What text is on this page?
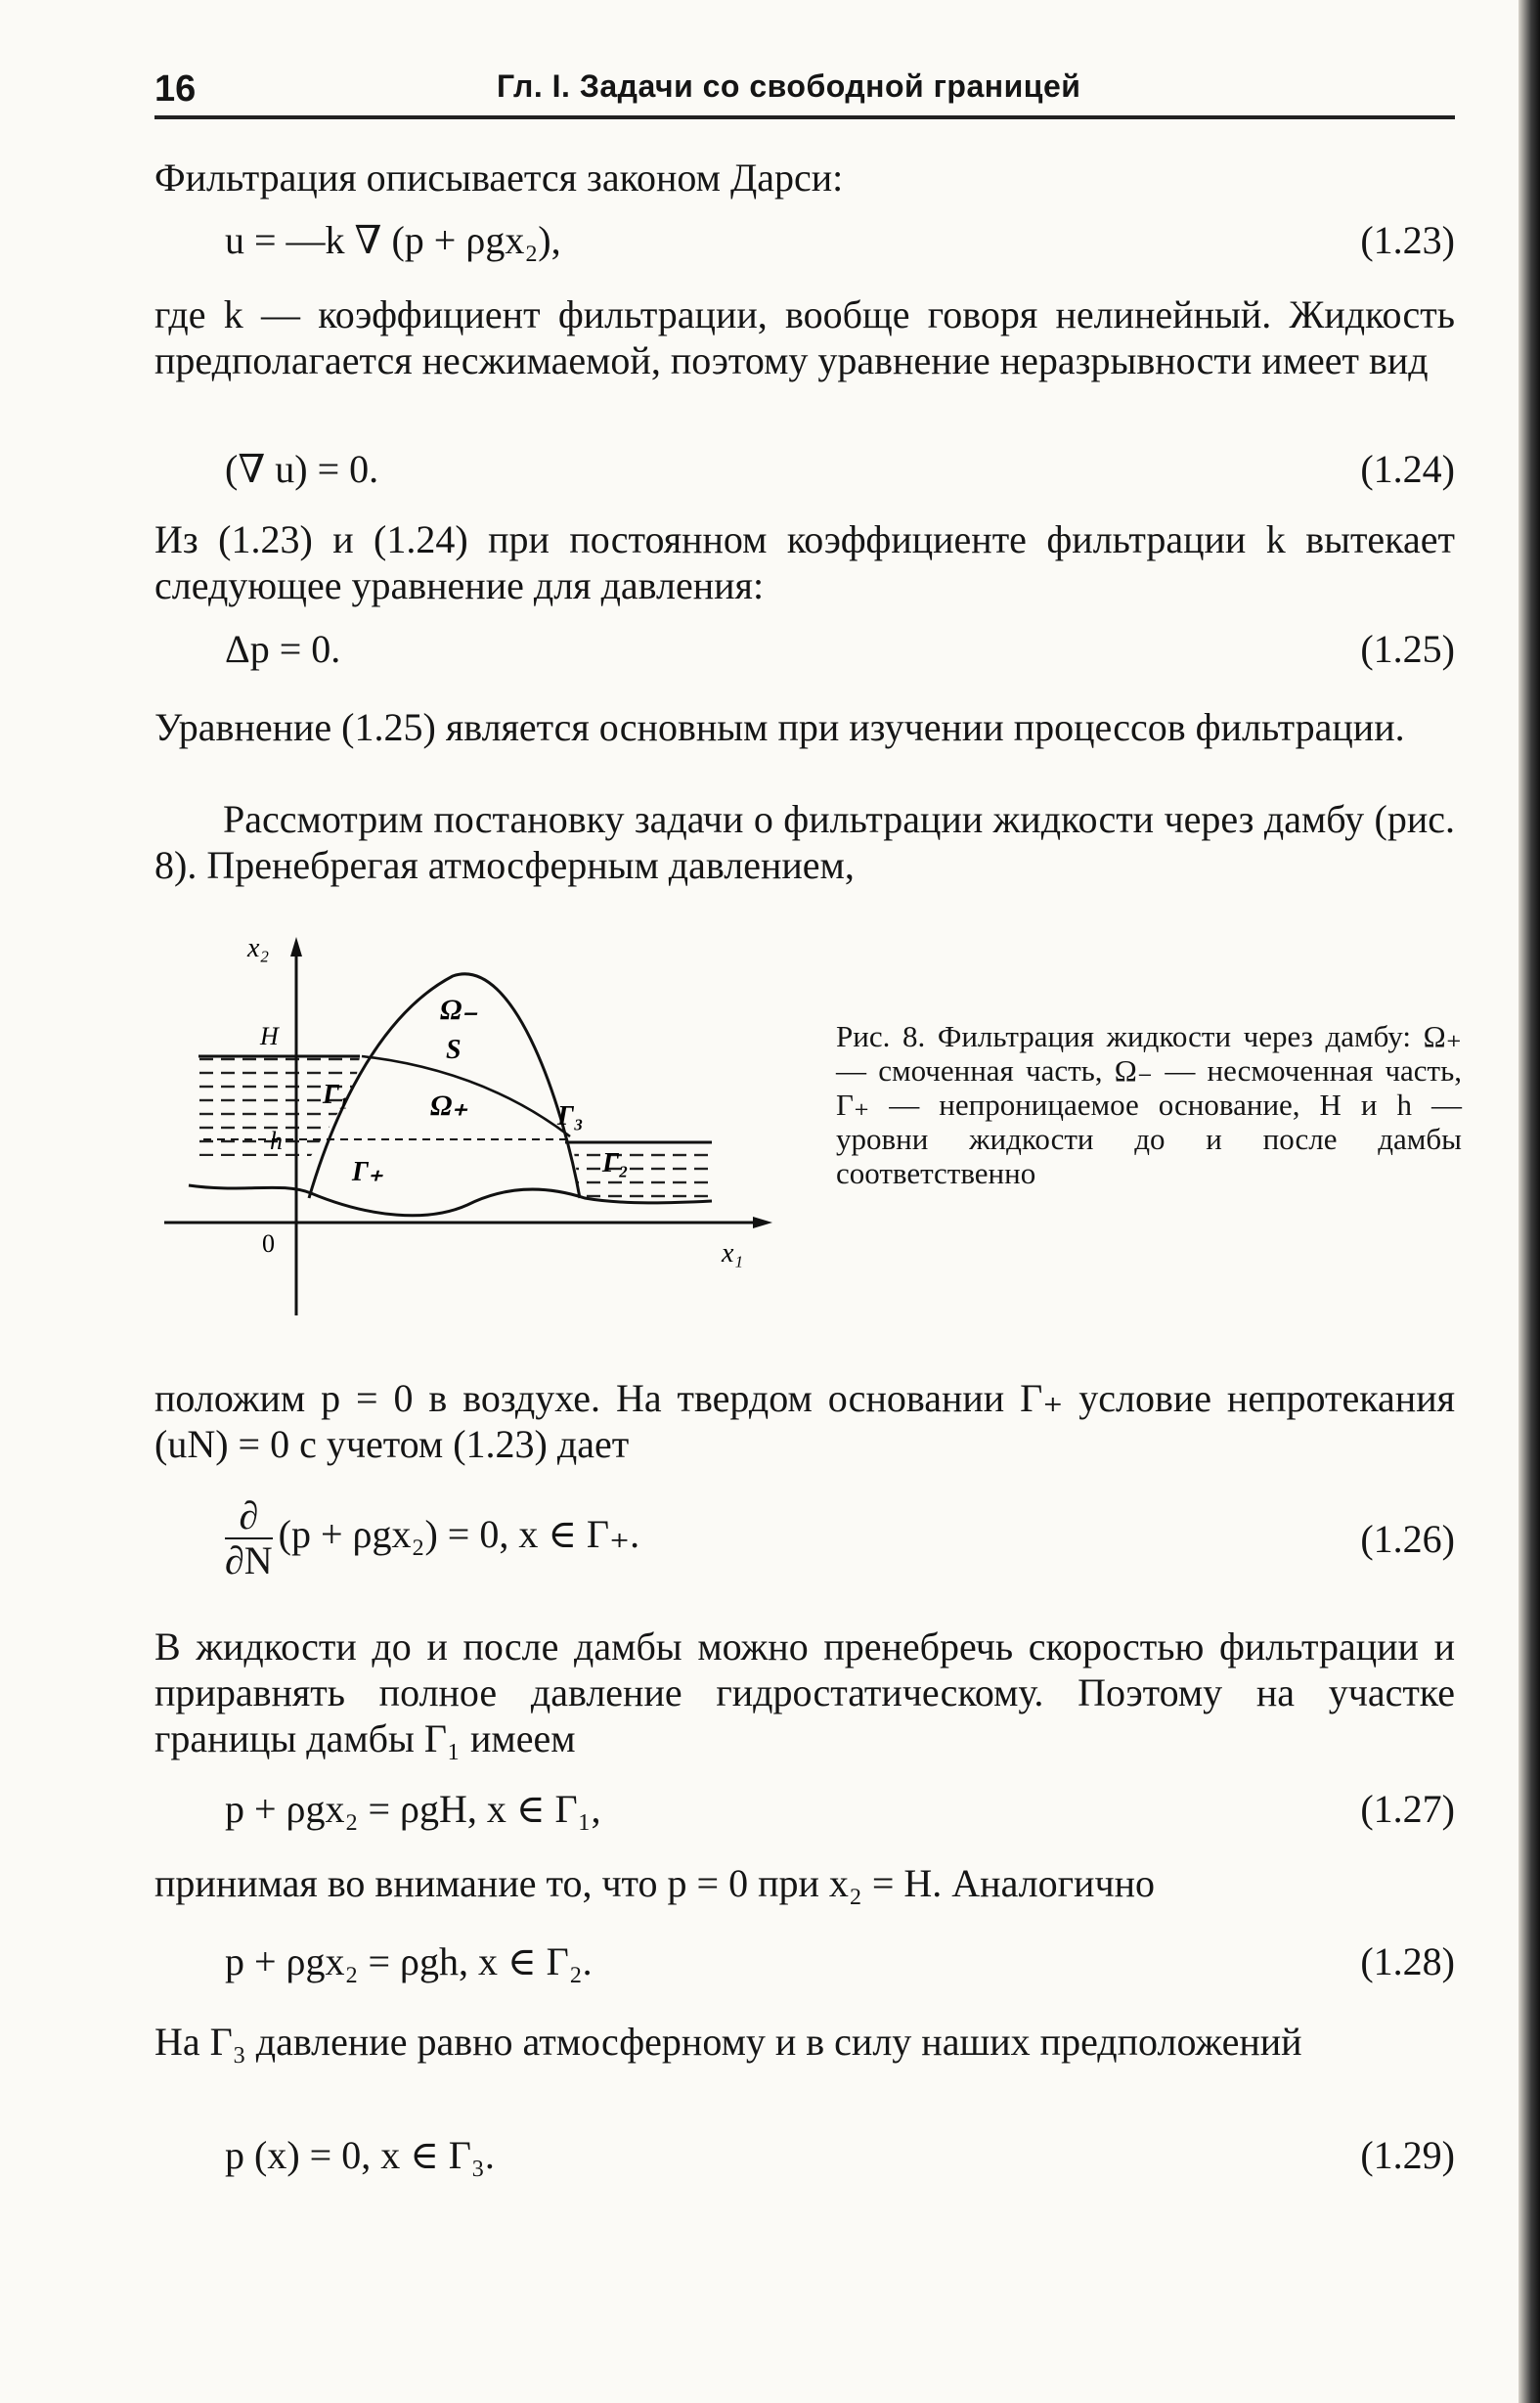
16	Гл. I. Задачи со свободной границей
Фильтрация описывается законом Дарси:
u = —k ∇ (p + ρgx₂),	(1.23)
где k — коэффициент фильтрации, вообще говоря нелинейный. Жидкость предполагается несжимаемой, поэтому уравнение неразрывности имеет вид
(∇ u) = 0.	(1.24)
Из (1.23) и (1.24) при постоянном коэффициенте фильтрации k вытекает следующее уравнение для давления:
Δp = 0.	(1.25)
Уравнение (1.25) является основным при изучении процессов фильтрации.
Рассмотрим постановку задачи о фильтрации жидкости через дамбу (рис. 8). Пренебрегая атмосферным давлением,
x₂
H
h
0	x₁
Ω₋
S
Ω₊
Γ₁
Γ₃
Γ₂
Γ₊
Рис. 8. Фильтрация жидкости через дамбу: Ω₊ — смоченная часть, Ω₋ — несмоченная часть, Γ₊ — непроницаемое основание, H и h — уровни жидкости до и после дамбы соответственно
положим p = 0 в воздухе. На твердом основании Γ₊ условие непротекания (uN) = 0 с учетом (1.23) дает
$\frac{\partial}{\partial N} (p + \rho gx_2) = 0$, x ∈ Γ₊.	(1.26)
В жидкости до и после дамбы можно пренебречь скоростью фильтрации и приравнять полное давление гидростатическому. Поэтому на участке границы дамбы Γ₁ имеем
p + ρgx₂ = ρgH, x ∈ Γ₁,	(1.27)
принимая во внимание то, что p = 0 при x₂ = H. Аналогично
p + ρgx₂ = ρgh, x ∈ Γ₂.	(1.28)
На Γ₃ давление равно атмосферному и в силу наших предположений
p (x) = 0, x ∈ Γ₃.	(1.29)
